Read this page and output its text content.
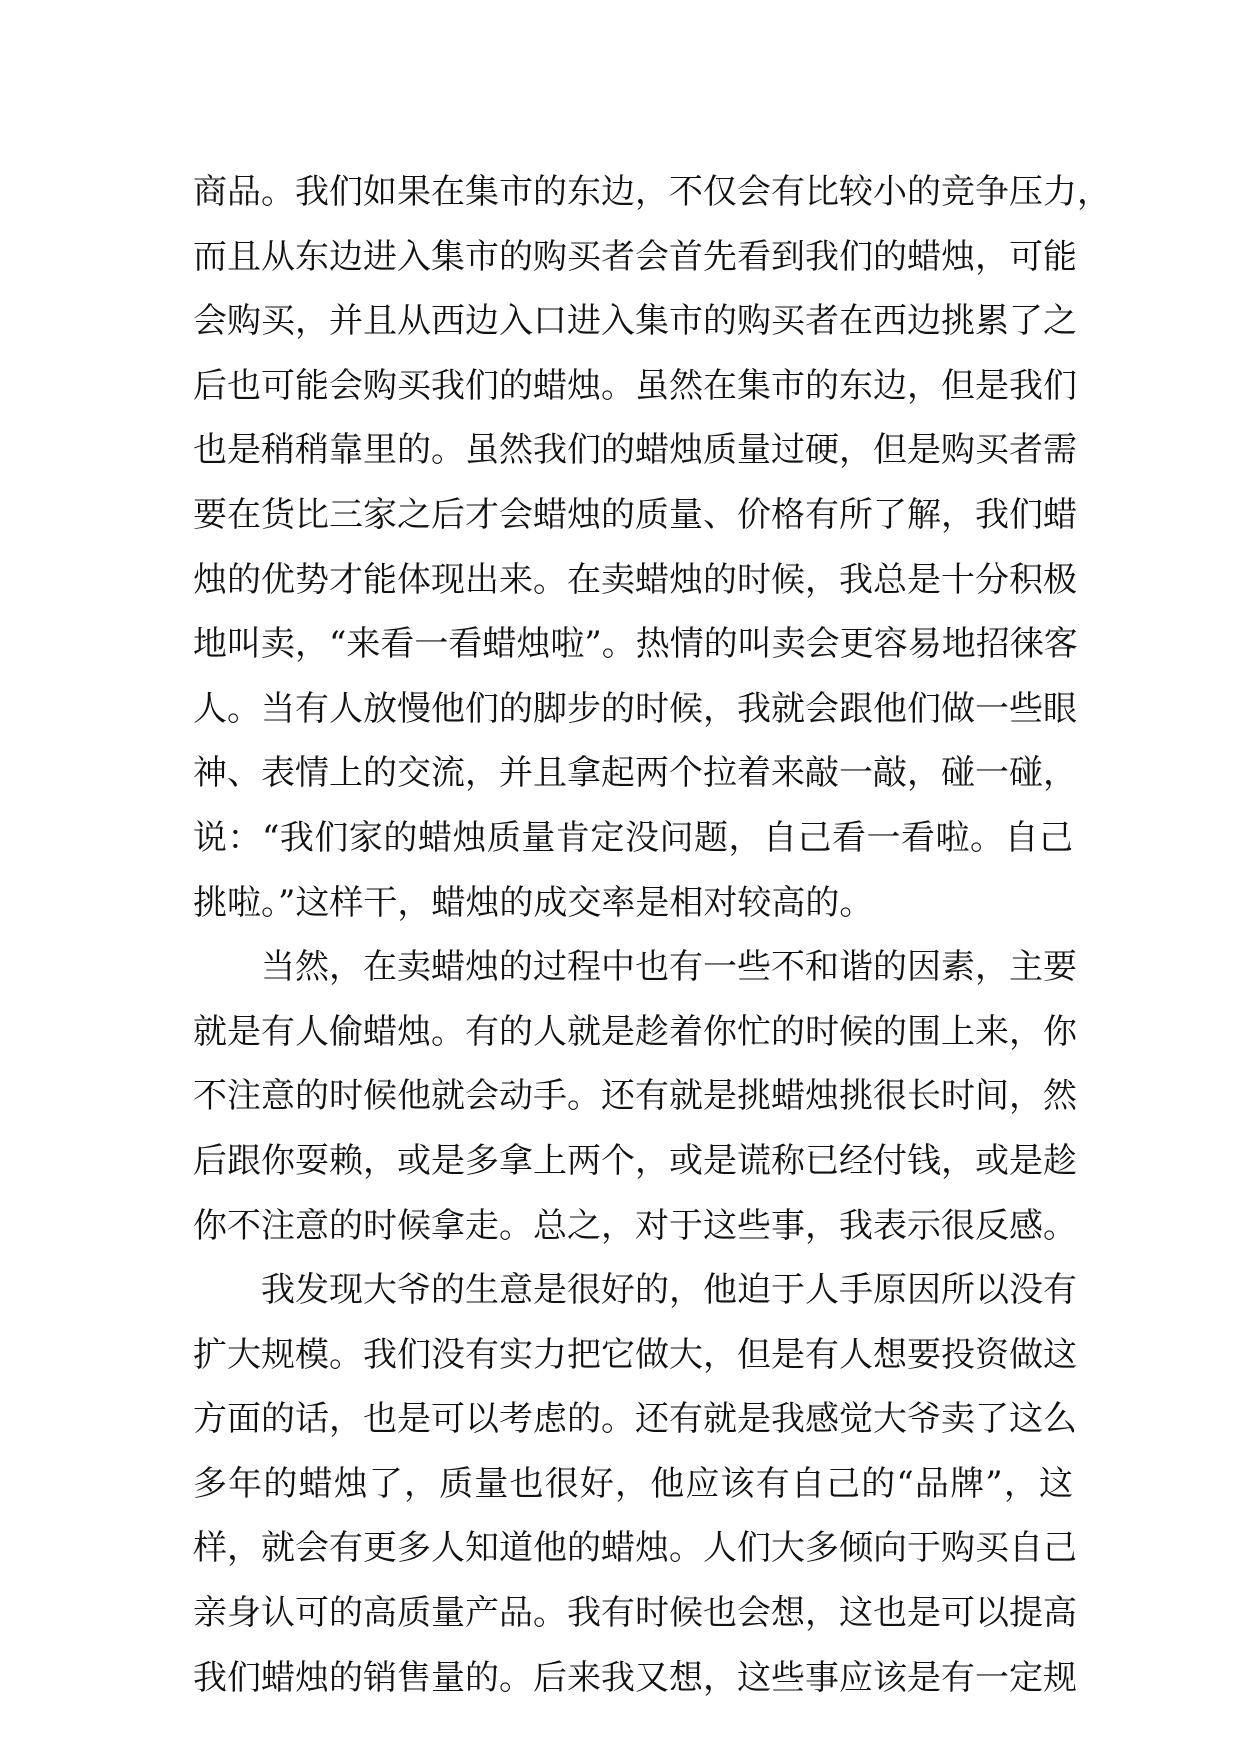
商品。我们如果在集市的东边，不仅会有比较小的竞争压力，
而且从东边进入集市的购买者会首先看到我们的蜡烛，可能
会购买，并且从西边入口进入集市的购买者在西边挑累了之
后也可能会购买我们的蜡烛。虽然在集市的东边，但是我们
也是稍稍靠里的。虽然我们的蜡烛质量过硬，但是购买者需
要在货比三家之后才会蜡烛的质量、价格有所了解，我们蜡
烛的优势才能体现出来。在卖蜡烛的时候，我总是十分积极
地叫卖，“来看一看蜡烛啦”。热情的叫卖会更容易地招徕客
人。当有人放慢他们的脚步的时候，我就会跟他们做一些眼
神、表情上的交流，并且拿起两个拉着来敲一敲，碰一碰，
说：“我们家的蜡烛质量肯定没问题，自己看一看啦。自己
挑啦。”这样干，蜡烛的成交率是相对较高的。
当然，在卖蜡烛的过程中也有一些不和谐的因素，主要
就是有人偷蜡烛。有的人就是趁着你忙的时候的围上来，你
不注意的时候他就会动手。还有就是挑蜡烛挑很长时间，然
后跟你耍赖，或是多拿上两个，或是谎称已经付钱，或是趁
你不注意的时候拿走。总之，对于这些事，我表示很反感。
我发现大爷的生意是很好的，他迫于人手原因所以没有
扩大规模。我们没有实力把它做大，但是有人想要投资做这
方面的话，也是可以考虑的。还有就是我感觉大爷卖了这么
多年的蜡烛了，质量也很好，他应该有自己的“品牌”，这
样，就会有更多人知道他的蜡烛。人们大多倾向于购买自己
亲身认可的高质量产品。我有时候也会想，这也是可以提高
我们蜡烛的销售量的。后来我又想，这些事应该是有一定规
